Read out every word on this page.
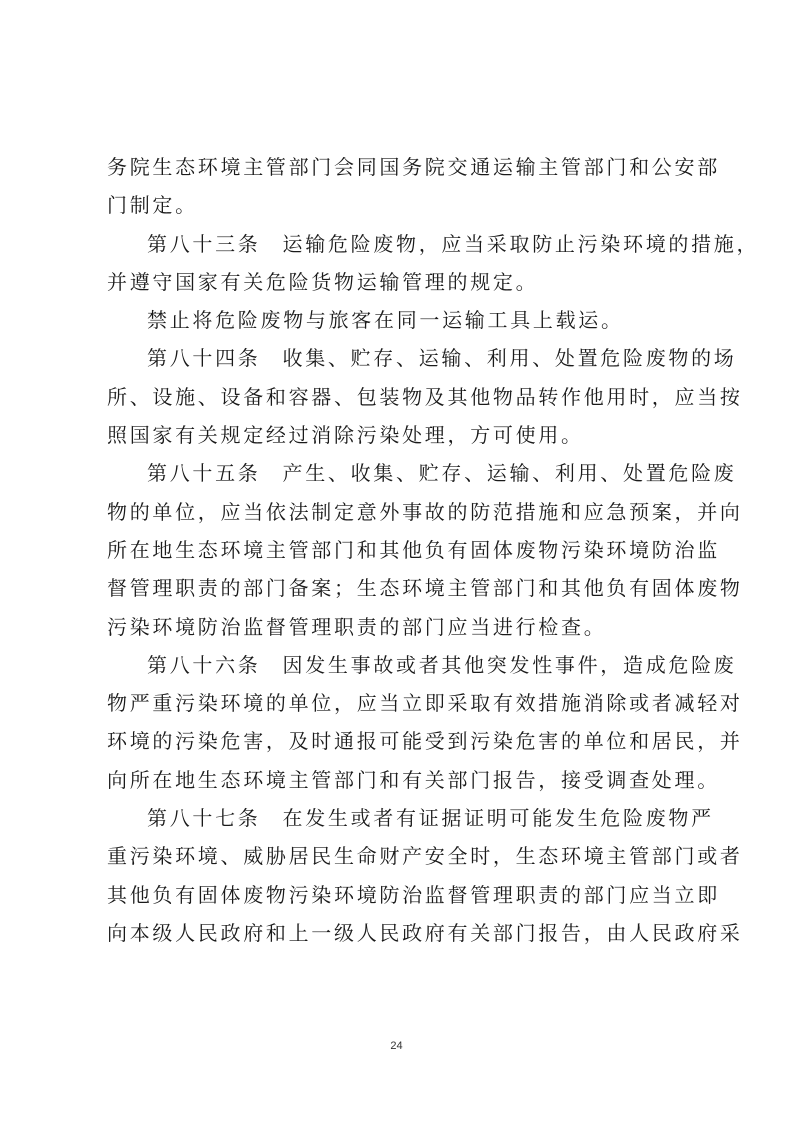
务院生态环境主管部门会同国务院交通运输主管部门和公安部
门制定。

第八十三条 运输危险废物，应当采取防止污染环境的措施，
并遵守国家有关危险货物运输管理的规定。

禁止将危险废物与旅客在同一运输工具上载运。

第八十四条 收集、贮存、运输、利用、处置危险废物的场
所、设施、设备和容器、包装物及其他物品转作他用时，应当按
照国家有关规定经过消除污染处理，方可使用。

第八十五条 产生、收集、贮存、运输、利用、处置危险废
物的单位，应当依法制定意外事故的防范措施和应急预案，并向
所在地生态环境主管部门和其他负有固体废物污染环境防治监
督管理职责的部门备案；生态环境主管部门和其他负有固体废物
污染环境防治监督管理职责的部门应当进行检查。

第八十六条 因发生事故或者其他突发性事件，造成危险废
物严重污染环境的单位，应当立即采取有效措施消除或者减轻对
环境的污染危害，及时通报可能受到污染危害的单位和居民，并
向所在地生态环境主管部门和有关部门报告，接受调查处理。

第八十七条 在发生或者有证据证明可能发生危险废物严
重污染环境、威胁居民生命财产安全时，生态环境主管部门或者
其他负有固体废物污染环境防治监督管理职责的部门应当立即
向本级人民政府和上一级人民政府有关部门报告，由人民政府采

24
